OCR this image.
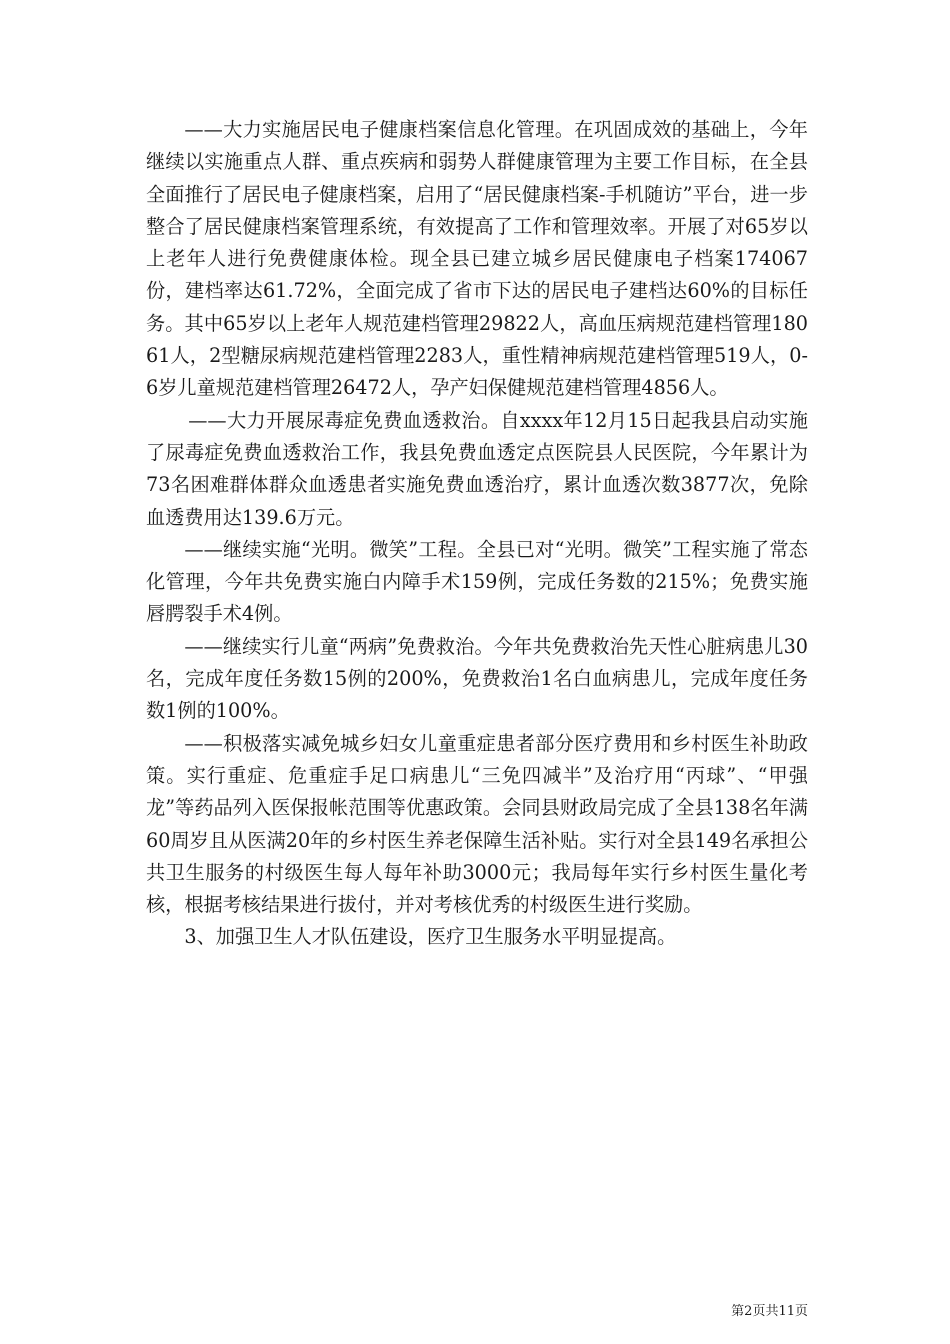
——大力实施居民电子健康档案信息化管理。在巩固成效的基础上，今年继续以实施重点人群、重点疾病和弱势人群健康管理为主要工作目标，在全县全面推行了居民电子健康档案，启用了“居民健康档案-手机随访”平台，进一步整合了居民健康档案管理系统，有效提高了工作和管理效率。开展了对65岁以上老年人进行免费健康体检。现全县已建立城乡居民健康电子档案174067份，建档率达61.72%，全面完成了省市下达的居民电子建档达60%的目标任务。其中65岁以上老年人规范建档管理29822人，高血压病规范建档管理18061人，2型糖尿病规范建档管理2283人，重性精神病规范建档管理519人，0-6岁儿童规范建档管理26472人，孕产妇保健规范建档管理4856人。

——大力开展尿毒症免费血透救治。自xxxx年12月15日起我县启动实施了尿毒症免费血透救治工作，我县免费血透定点医院县人民医院，今年累计为73名困难群体群众血透患者实施免费血透治疗，累计血透次数3877次，免除血透费用达139.6万元。

——继续实施“光明。微笑”工程。全县已对“光明。微笑”工程实施了常态化管理，今年共免费实施白内障手术159例，完成任务数的215%；免费实施唇腭裂手术4例。

——继续实行儿童“两病”免费救治。今年共免费救治先天性心脏病患儿30名，完成年度任务数15例的200%，免费救治1名白血病患儿，完成年度任务数1例的100%。

——积极落实减免城乡妇女儿童重症患者部分医疗费用和乡村医生补助政策。实行重症、危重症手足口病患儿“三免四减半”及治疗用“丙球”、“甲强龙”等药品列入医保报帐范围等优惠政策。会同县财政局完成了全县138名年满60周岁且从医满20年的乡村医生养老保障生活补贴。实行对全县149名承担公共卫生服务的村级医生每人每年补助3000元；我局每年实行乡村医生量化考核，根据考核结果进行拔付，并对考核优秀的村级医生进行奖励。

3、加强卫生人才队伍建设，医疗卫生服务水平明显提高。

第2页共11页
